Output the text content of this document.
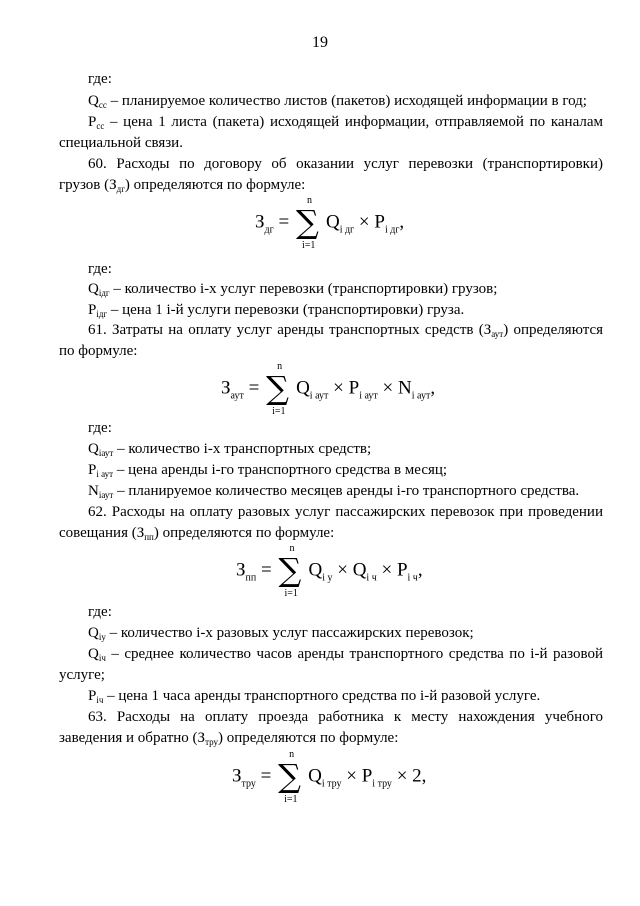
19
где:
$Q_{сс}$ – планируемое количество листов (пакетов) исходящей информации в год;
$P_{сс}$ – цена 1 листа (пакета) исходящей информации, отправляемой по каналам
специальной связи.
60. Расходы по договору об оказании услуг перевозки (транспортировки)
грузов $(З_{дг})$ определяются по формуле:
$З_{дг}$ =
n
∑
i=1
$Q_{i дг} \times P_{i дг}$,
где:
$Q_{iдг}$ – количество i-х услуг перевозки (транспортировки) грузов;
$P_{iдг}$ – цена 1 i-й услуги перевозки (транспортировки) груза.
61. Затраты на оплату услуг аренды транспортных средств $(З_{аут})$ определяются
по формуле:
$З_{аут}$ =
n
∑
i=1
$Q_{i аут} \times P_{i аут} \times N_{i аут}$,
где:
$Q_{iаут}$ – количество i-х транспортных средств;
$P_{i аут}$ – цена аренды i-го транспортного средства в месяц;
$N_{iаут}$ – планируемое количество месяцев аренды i-го транспортного средства.
62. Расходы на оплату разовых услуг пассажирских перевозок при проведении
совещания $(З_{пп})$ определяются по формуле:
$З_{пп}$ =
n
∑
i=1
$Q_{i у} \times Q_{i ч} \times P_{i ч}$,
где:
$Q_{iу}$ – количество i-х разовых услуг пассажирских перевозок;
$Q_{iч}$ – среднее количество часов аренды транспортного средства по i-й разовой
услуге;
$P_{iч}$ – цена 1 часа аренды транспортного средства по i-й разовой услуге.
63. Расходы на оплату проезда работника к месту нахождения учебного
заведения и обратно $(З_{тру})$ определяются по формуле:
$З_{тру}$ =
n
∑
i=1
$Q_{i тру} \times P_{i тру} \times 2$,
